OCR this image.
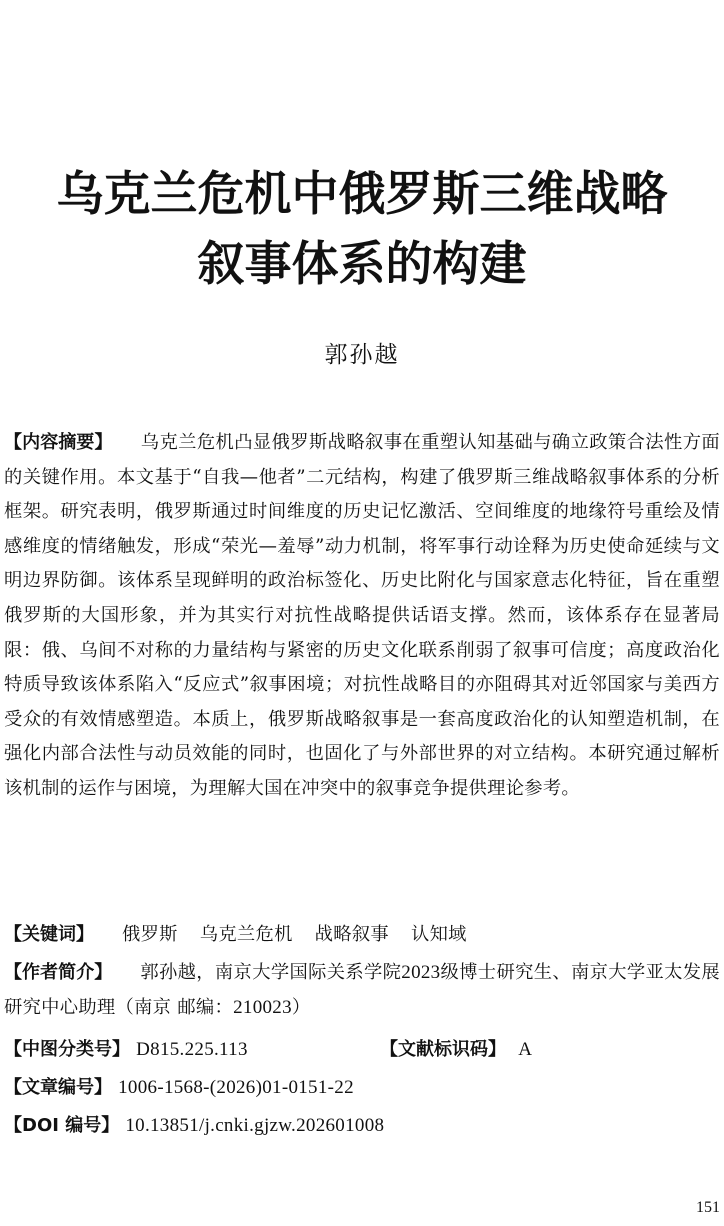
乌克兰危机中俄罗斯三维战略
叙事体系的构建
郭孙越

【内容摘要】 乌克兰危机凸显俄罗斯战略叙事在重塑认知基础与确立政策合法性方面的关键作用。本文基于“自我—他者”二元结构，构建了俄罗斯三维战略叙事体系的分析框架。研究表明，俄罗斯通过时间维度的历史记忆激活、空间维度的地缘符号重绘及情感维度的情绪触发，形成“荣光—羞辱”动力机制，将军事行动诠释为历史使命延续与文明边界防御。该体系呈现鲜明的政治标签化、历史比附化与国家意志化特征，旨在重塑俄罗斯的大国形象，并为其实行对抗性战略提供话语支撑。然而，该体系存在显著局限：俄、乌间不对称的力量结构与紧密的历史文化联系削弱了叙事可信度；高度政治化特质导致该体系陷入“反应式”叙事困境；对抗性战略目的亦阻碍其对近邻国家与美西方受众的有效情感塑造。本质上，俄罗斯战略叙事是一套高度政治化的认知塑造机制，在强化内部合法性与动员效能的同时，也固化了与外部世界的对立结构。本研究通过解析该机制的运作与困境，为理解大国在冲突中的叙事竞争提供理论参考。

【关键词】 俄罗斯 乌克兰危机 战略叙事 认知域

【作者简介】 郭孙越，南京大学国际关系学院2023级博士研究生、南京大学亚太发展研究中心助理（南京 邮编：210023）

【中图分类号】 D815.225.113	【文献标识码】 A
【文章编号】 1006-1568-(2026)01-0151-22
【DOI 编号】 10.13851/j.cnki.gjzw.202601008
151
